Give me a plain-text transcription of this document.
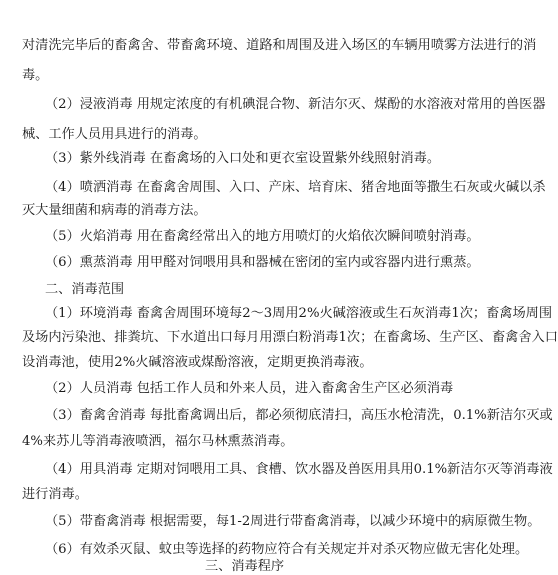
对清洗完毕后的畜禽舍、带畜禽环境、道路和周围及进入场区的车辆用喷雾方法进行的消
毒。
（2）浸液消毒 用规定浓度的有机碘混合物、新洁尔灭、煤酚的水溶液对常用的兽医器
械、工作人员用具进行的消毒。
（3）紫外线消毒 在畜禽场的入口处和更衣室设置紫外线照射消毒。
（4）喷洒消毒 在畜禽舍周围、入口、产床、培育床、猪舍地面等撒生石灰或火碱以杀
灭大量细菌和病毒的消毒方法。
（5）火焰消毒 用在畜禽经常出入的地方用喷灯的火焰依次瞬间喷射消毒。
（6）熏蒸消毒 用甲醛对饲喂用具和器械在密闭的室内或容器内进行熏蒸。
二、消毒范围
（1）环境消毒 畜禽舍周围环境每2～3周用2%火碱溶液或生石灰消毒1次；畜禽场周围
及场内污染池、排粪坑、下水道出口每月用漂白粉消毒1次；在畜禽场、生产区、畜禽舍入口
设消毒池，使用2%火碱溶液或煤酚溶液，定期更换消毒液。
（2）人员消毒 包括工作人员和外来人员，进入畜禽舍生产区必须消毒
（3）畜禽舍消毒 每批畜禽调出后，都必须彻底清扫，高压水枪清洗，0.1%新洁尔灭或
4%来苏儿等消毒液喷洒，福尔马林熏蒸消毒。
（4）用具消毒 定期对饲喂用工具、食槽、饮水器及兽医用具用0.1%新洁尔灭等消毒液
进行消毒。
（5）带畜禽消毒 根据需要，每1-2周进行带畜禽消毒，以减少环境中的病原微生物。
（6）有效杀灭鼠、蚊虫等选择的药物应符合有关规定并对杀灭物应做无害化处理。
三、消毒程序
